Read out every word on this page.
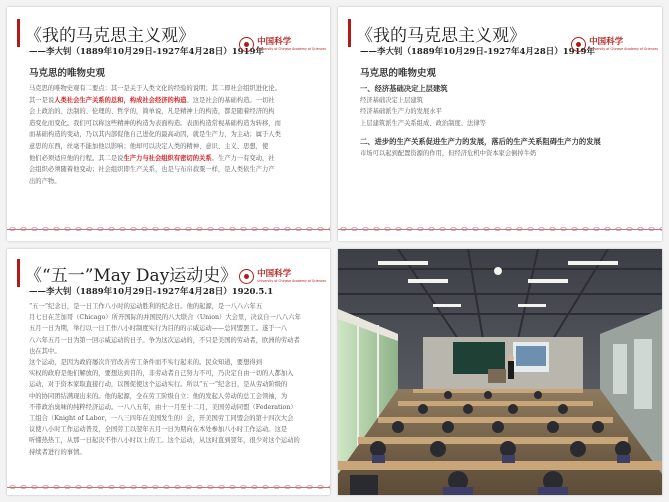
《我的马克思主义观》
——李大钊（1889年10月29日-1927年4月28日）1919年
中国科学
University of Chinese Academy of Sciences
马克思的唯物史观
马克思的唯物史观有二要点：其一是关于人类文化的经验的说明；其二即社会组织进化论。
其一是说人类社会生产关系的总和，构成社会经济的构造。这是社会的基础构造。一切社
会上政治的、法制的、伦理的、哲学的，简单说，凡是精神上的构造，都是随着经济的构
造变化而变化。我们可以称这些精神的构造为表面构造。表面构造常视基础构造为转移，而
而基础构造的变动，乃以其内部促他自己进化的最高动因，就是生产力，为主动；属于人类
意思的东西，丝毫不能加他以影响；他却可以决定人类的精神、意识、主义、思想，使
他们必须适应他的行程。其二是说生产力与社会组织有密切的关系。生产力一有变动，社
会组织必须随着他变动；社会组织即生产关系，也是与布帛菽粟一样，是人类依生产力产
出的产物。
《我的马克思主义观》
——李大钊（1889年10月29日-1927年4月28日）1919年
中国科学
University of Chinese Academy of Sciences
马克思的唯物史观
一、经济基础决定上层建筑
经济基础决定上层建筑
经济基础派生产力的发展水平
上层建筑派生产关系组成、政治制度、法律等
二、进步的生产关系促进生产力的发展，落后的生产关系阻碍生产力的发展
市场可以起到配置资源的作用，但经济危机中资本家会倒掉牛奶
《“五一”May Day运动史》
——李大钊（1889年10月29日-1927年4月28日）1920.5.1
中国科学
University of Chinese Academy of Sciences
“五一”纪念日，是一日工作八小时的运动胜利的纪念日。他的起源，是一八八六年五
月七日在芝加哥（Chicago）所开国际的并国民的八大联合（Union）大会里，决议自一八八六年
五月一日为期，举行以一日工作八小时制度实行为目的的示威运动——总同盟罢工。遂于一八
八六年五月一日为第一回示威运动的日子。争为这次运动的，不只是美国的劳动者，欧洲的劳动者
也在其中。
这个运动，是因为政府屡次许官改善劳工条件而不实行起来的。民众知道，要想得到
实权的政府是他们解放的，要想达到目的，非劳动者自己努力不可，乃决定自由一切的人都加入
运动，对于资本家取直接行动，以图促使这个运动实行。所以“五一”纪念日，是从劳动阶级的
中的协同团结满现出来的。他的起源，全在劳工阶级自立：他的发起人劳动的总工会领袖，为
不带政治臭味的纯粹经济运动。一八八五年，由十一月至十二月，美国劳动同盟（Federation）
工组合（Knight of Labor，一八三四年在美国发生的）会，开美国劳工同盟会的第十四次大会
议使八小时工作运动普及，全国劳工以翌年五月一日为期向在本处参加八小时工作运动。这是
听懂热热工，从那一日起决不作八小时以上的工。这个运动，从这时直到翌年，很少对这个运动的
持续者进行的事情。
